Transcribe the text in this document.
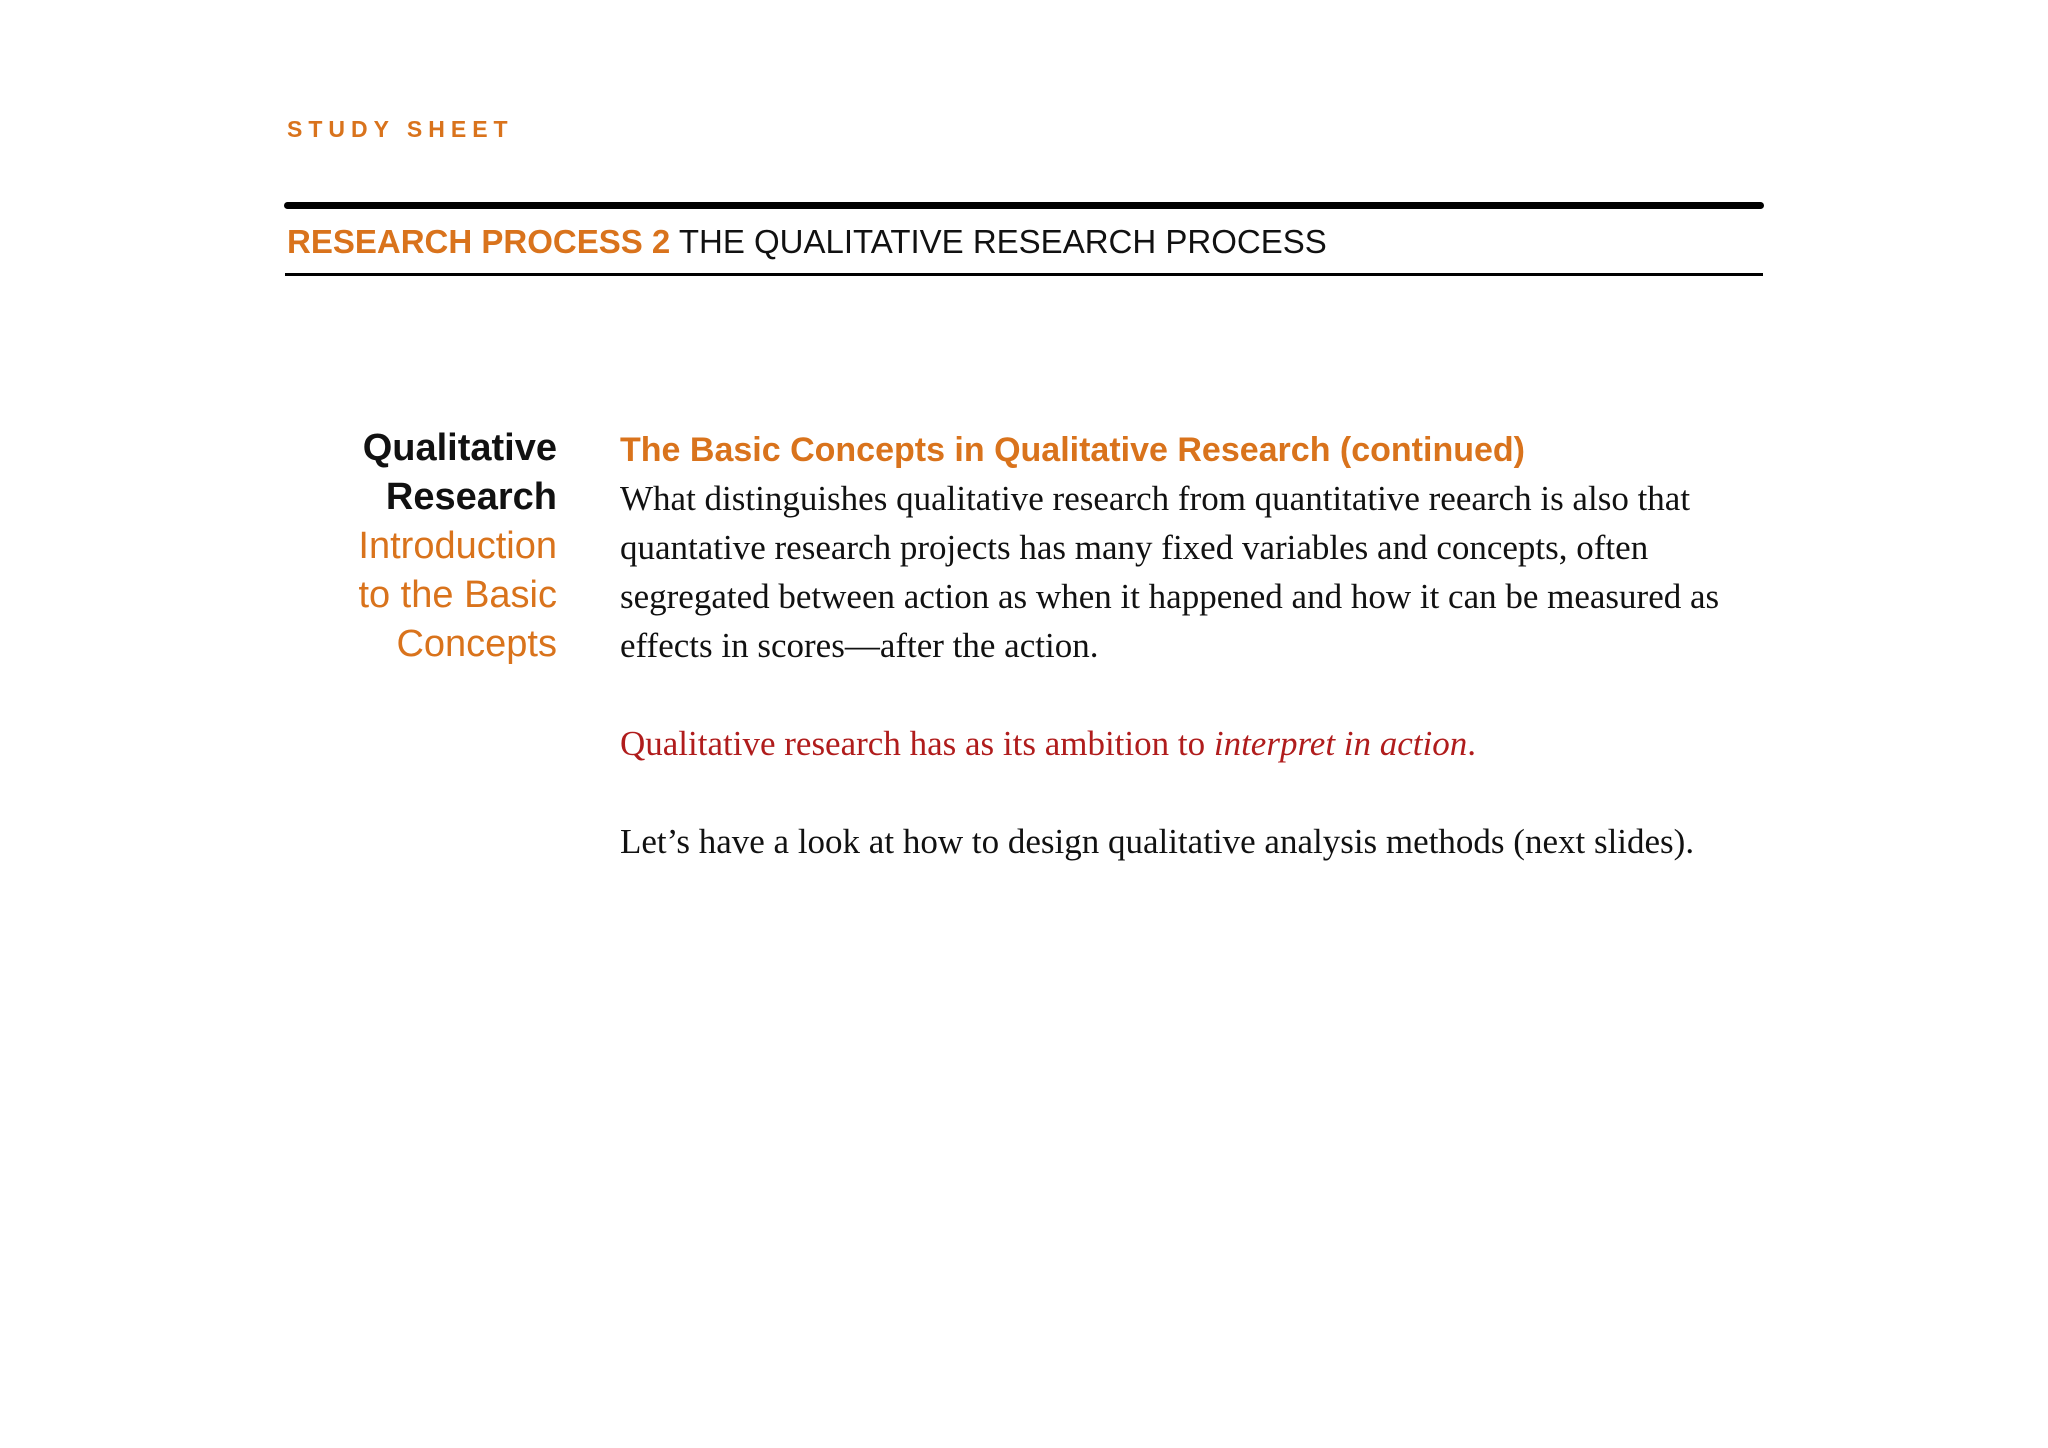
STUDY SHEET
RESEARCH PROCESS 2 THE QUALITATIVE RESEARCH PROCESS
Qualitative
Research
Introduction
to the Basic
Concepts
The Basic Concepts in Qualitative Research (continued)

What distinguishes qualitative research from quantitative reearch is also that quantative research projects has many fixed variables and concepts, often segregated between action as when it happened and how it can be measured as effects in scores—after the action.

Qualitative research has as its ambition to interpret in action.

Let’s have a look at how to design qualitative analysis methods (next slides).
